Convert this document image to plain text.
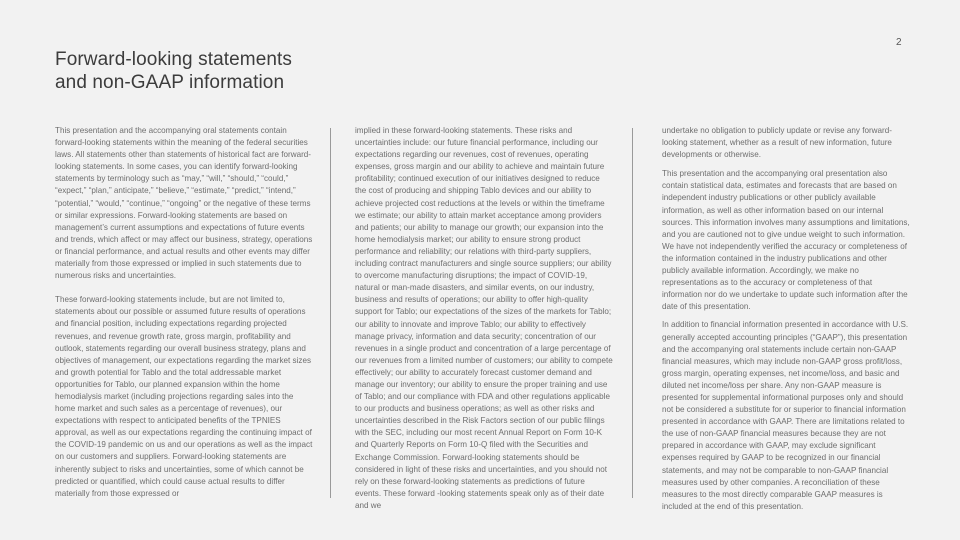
2
Forward-looking statements
and non-GAAP information

This presentation and the accompanying oral statements contain forward-looking statements within the meaning of the federal securities laws. All statements other than statements of historical fact are forward-looking statements. In some cases, you can identify forward-looking statements by terminology such as “may,” “will,” “should,” “could,” “expect,” “plan,” anticipate,” “believe,” “estimate,” “predict,” “intend,” “potential,” “would,” “continue,” “ongoing” or the negative of these terms or similar expressions. Forward-looking statements are based on management’s current assumptions and expectations of future events and trends, which affect or may affect our business, strategy, operations or financial performance, and actual results and other events may differ materially from those expressed or implied in such statements due to numerous risks and uncertainties.

These forward-looking statements include, but are not limited to, statements about our possible or assumed future results of operations and financial position, including expectations regarding projected revenues, and revenue growth rate, gross margin, profitability and outlook, statements regarding our overall business strategy, plans and objectives of management, our expectations regarding the market sizes and growth potential for Tablo and the total addressable market opportunities for Tablo, our planned expansion within the home hemodialysis market (including projections regarding sales into the home market and such sales as a percentage of revenues), our expectations with respect to anticipated benefits of the TPNIES approval, as well as our expectations regarding the continuing impact of the COVID-19 pandemic on us and our operations as well as the impact on our customers and suppliers. Forward-looking statements are inherently subject to risks and uncertainties, some of which cannot be predicted or quantified, which could cause actual results to differ materially from those expressed or

implied in these forward-looking statements. These risks and uncertainties include: our future financial performance, including our expectations regarding our revenues, cost of revenues, operating expenses, gross margin and our ability to achieve and maintain future profitability; continued execution of our initiatives designed to reduce the cost of producing and shipping Tablo devices and our ability to achieve projected cost reductions at the levels or within the timeframe we estimate; our ability to attain market acceptance among providers and patients; our ability to manage our growth; our expansion into the home hemodialysis market; our ability to ensure strong product performance and reliability; our relations with third-party suppliers, including contract manufacturers and single source suppliers; our ability to overcome manufacturing disruptions; the impact of COVID-19, natural or man-made disasters, and similar events, on our industry, business and results of operations; our ability to offer high-quality support for Tablo; our expectations of the sizes of the markets for Tablo; our ability to innovate and improve Tablo; our ability to effectively manage privacy, information and data security; concentration of our revenues in a single product and concentration of a large percentage of our revenues from a limited number of customers; our ability to compete effectively; our ability to accurately forecast customer demand and manage our inventory; our ability to ensure the proper training and use of Tablo; and our compliance with FDA and other regulations applicable to our products and business operations; as well as other risks and uncertainties described in the Risk Factors section of our public filings with the SEC, including our most recent Annual Report on Form 10-K and Quarterly Reports on Form 10-Q filed with the Securities and Exchange Commission. Forward-looking statements should be considered in light of these risks and uncertainties, and you should not rely on these forward-looking statements as predictions of future events. These forward -looking statements speak only as of their date and we

undertake no obligation to publicly update or revise any forward-looking statement, whether as a result of new information, future developments or otherwise.

This presentation and the accompanying oral presentation also contain statistical data, estimates and forecasts that are based on independent industry publications or other publicly available information, as well as other information based on our internal sources. This information involves many assumptions and limitations, and you are cautioned not to give undue weight to such information. We have not independently verified the accuracy or completeness of the information contained in the industry publications and other publicly available information. Accordingly, we make no representations as to the accuracy or completeness of that information nor do we undertake to update such information after the date of this presentation.

In addition to financial information presented in accordance with U.S. generally accepted accounting principles (“GAAP”), this presentation and the accompanying oral statements include certain non-GAAP financial measures, which may include non-GAAP gross profit/loss, gross margin, operating expenses, net income/loss, and basic and diluted net income/loss per share. Any non-GAAP measure is presented for supplemental informational purposes only and should not be considered a substitute for or superior to financial information presented in accordance with GAAP. There are limitations related to the use of non-GAAP financial measures because they are not prepared in accordance with GAAP, may exclude significant expenses required by GAAP to be recognized in our financial statements, and may not be comparable to non-GAAP financial measures used by other companies. A reconciliation of these measures to the most directly comparable GAAP measures is included at the end of this presentation.
